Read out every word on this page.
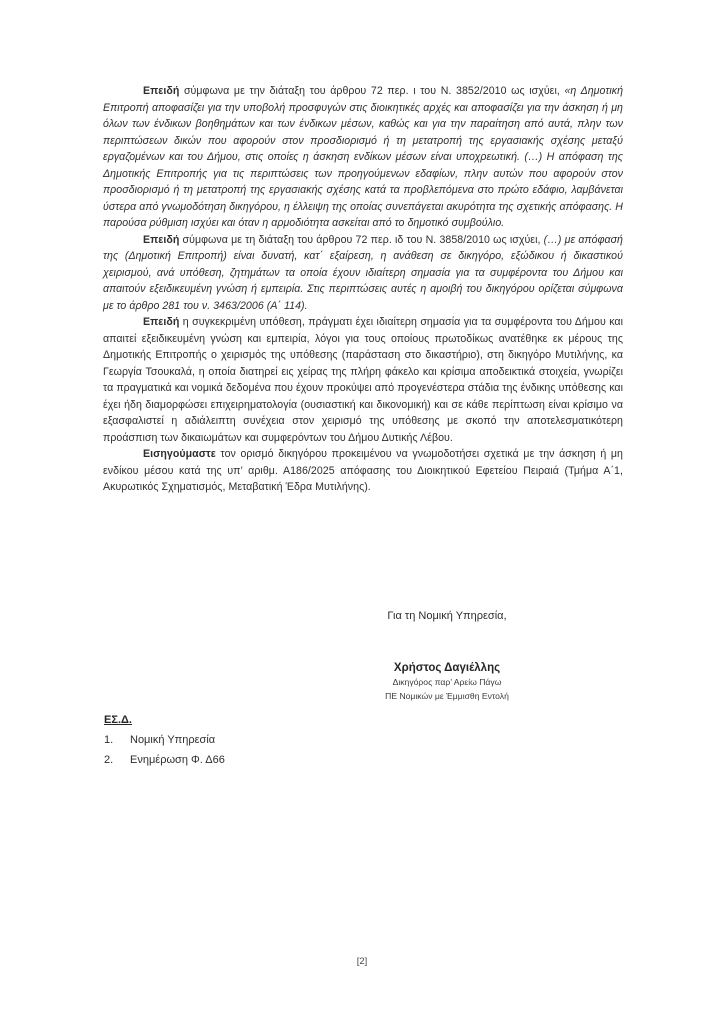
Επειδή σύμφωνα με την διάταξη του άρθρου 72 περ. ι του Ν. 3852/2010 ως ισχύει, «η Δημοτική Επιτροπή αποφασίζει για την υποβολή προσφυγών στις διοικητικές αρχές και αποφασίζει για την άσκηση ή μη όλων των ένδικων βοηθημάτων και των ένδικων μέσων, καθώς και για την παραίτηση από αυτά, πλην των περιπτώσεων δικών που αφορούν στον προσδιορισμό ή τη μετατροπή της εργασιακής σχέσης μεταξύ εργαζομένων και του Δήμου, στις οποίες η άσκηση ενδίκων μέσων είναι υποχρεωτική. (…) Η απόφαση της Δημοτικής Επιτροπής για τις περιπτώσεις των προηγούμενων εδαφίων, πλην αυτών που αφορούν στον προσδιορισμό ή τη μετατροπή της εργασιακής σχέσης κατά τα προβλεπόμενα στο πρώτο εδάφιο, λαμβάνεται ύστερα από γνωμοδότηση δικηγόρου, η έλλειψη της οποίας συνεπάγεται ακυρότητα της σχετικής απόφασης. Η παρούσα ρύθμιση ισχύει και όταν η αρμοδιότητα ασκείται από το δημοτικό συμβούλιο.

Επειδή σύμφωνα με τη διάταξη του άρθρου 72 περ. ιδ του Ν. 3858/2010 ως ισχύει, (…) με απόφασή της (Δημοτική Επιτροπή) είναι δυνατή, κατ΄ εξαίρεση, η ανάθεση σε δικηγόρο, εξώδικου ή δικαστικού χειρισμού, ανά υπόθεση, ζητημάτων τα οποία έχουν ιδιαίτερη σημασία για τα συμφέροντα του Δήμου και απαιτούν εξειδικευμένη γνώση ή εμπειρία. Στις περιπτώσεις αυτές η αμοιβή του δικηγόρου ορίζεται σύμφωνα με το άρθρο 281 του ν. 3463/2006 (Α΄ 114).

Επειδή η συγκεκριμένη υπόθεση, πράγματι έχει ιδιαίτερη σημασία για τα συμφέροντα του Δήμου και απαιτεί εξειδικευμένη γνώση και εμπειρία, λόγοι για τους οποίους πρωτοδίκως ανατέθηκε εκ μέρους της Δημοτικής Επιτροπής ο χειρισμός της υπόθεσης (παράσταση στο δικαστήριο), στη δικηγόρο Μυτιλήνης, κα Γεωργία Τσουκαλά, η οποία διατηρεί εις χείρας της πλήρη φάκελο και κρίσιμα αποδεικτικά στοιχεία, γνωρίζει τα πραγματικά και νομικά δεδομένα που έχουν προκύψει από προγενέστερα στάδια της ένδικης υπόθεσης και έχει ήδη διαμορφώσει επιχειρηματολογία (ουσιαστική και δικονομική) και σε κάθε περίπτωση είναι κρίσιμο να εξασφαλιστεί η αδιάλειπτη συνέχεια στον χειρισμό της υπόθεσης με σκοπό την αποτελεσματικότερη προάσπιση των δικαιωμάτων και συμφερόντων του Δήμου Δυτικής Λέβου.

Εισηγούμαστε τον ορισμό δικηγόρου προκειμένου να γνωμοδοτήσει σχετικά με την άσκηση ή μη ενδίκου μέσου κατά της υπ’ αριθμ. Α186/2025 απόφασης του Διοικητικού Εφετείου Πειραιά (Τμήμα Α΄1, Ακυρωτικός Σχηματισμός, Μεταβατική Έδρα Μυτιλήνης).

Για τη Νομική Υπηρεσία,
Χρήστος Δαγιέλλης
Δικηγόρος παρ’ Αρείω Πάγω
ΠΕ Νομικών με Έμμισθη Εντολή
ΕΣ.Δ.
1.	Νομική Υπηρεσία
2.	Ενημέρωση Φ. Δ66
[2]
